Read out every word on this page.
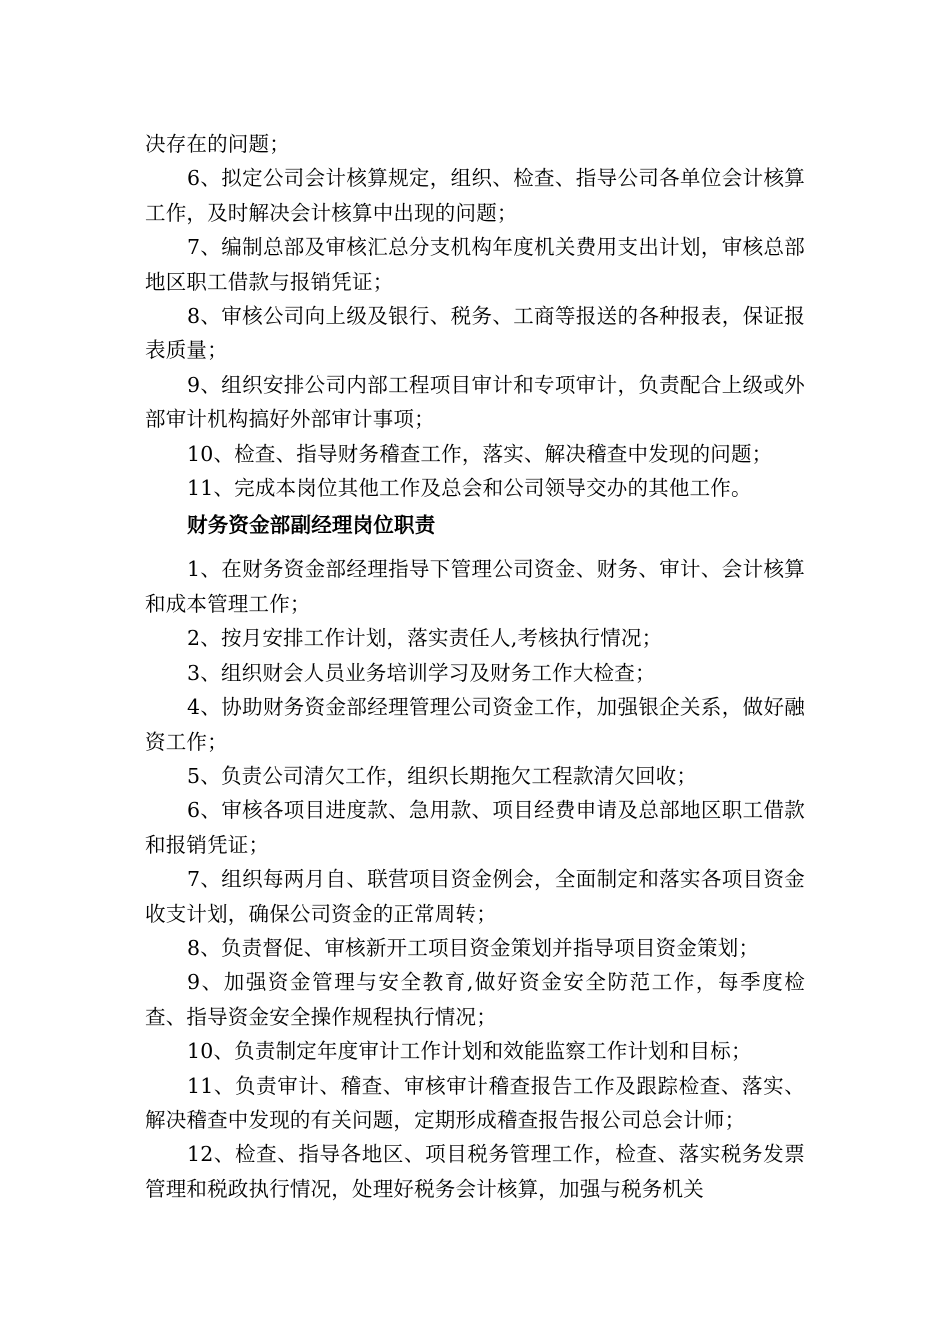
决存在的问题；

6、拟定公司会计核算规定，组织、检查、指导公司各单位会计核算工作，及时解决会计核算中出现的问题；

7、编制总部及审核汇总分支机构年度机关费用支出计划，审核总部地区职工借款与报销凭证；

8、审核公司向上级及银行、税务、工商等报送的各种报表，保证报表质量；

9、组织安排公司内部工程项目审计和专项审计，负责配合上级或外部审计机构搞好外部审计事项；

10、检查、指导财务稽查工作，落实、解决稽查中发现的问题；

11、完成本岗位其他工作及总会和公司领导交办的其他工作。

财务资金部副经理岗位职责

1、在财务资金部经理指导下管理公司资金、财务、审计、会计核算和成本管理工作；

2、按月安排工作计划，落实责任人,考核执行情况；

3、组织财会人员业务培训学习及财务工作大检查；

4、协助财务资金部经理管理公司资金工作，加强银企关系，做好融资工作；

5、负责公司清欠工作，组织长期拖欠工程款清欠回收；

6、审核各项目进度款、急用款、项目经费申请及总部地区职工借款和报销凭证；

7、组织每两月自、联营项目资金例会，全面制定和落实各项目资金收支计划，确保公司资金的正常周转；

8、负责督促、审核新开工项目资金策划并指导项目资金策划；

9、加强资金管理与安全教育,做好资金安全防范工作，每季度检查、指导资金安全操作规程执行情况；

10、负责制定年度审计工作计划和效能监察工作计划和目标；

11、负责审计、稽查、审核审计稽查报告工作及跟踪检查、落实、解决稽查中发现的有关问题，定期形成稽查报告报公司总会计师；

12、检查、指导各地区、项目税务管理工作，检查、落实税务发票管理和税政执行情况，处理好税务会计核算，加强与税务机关
